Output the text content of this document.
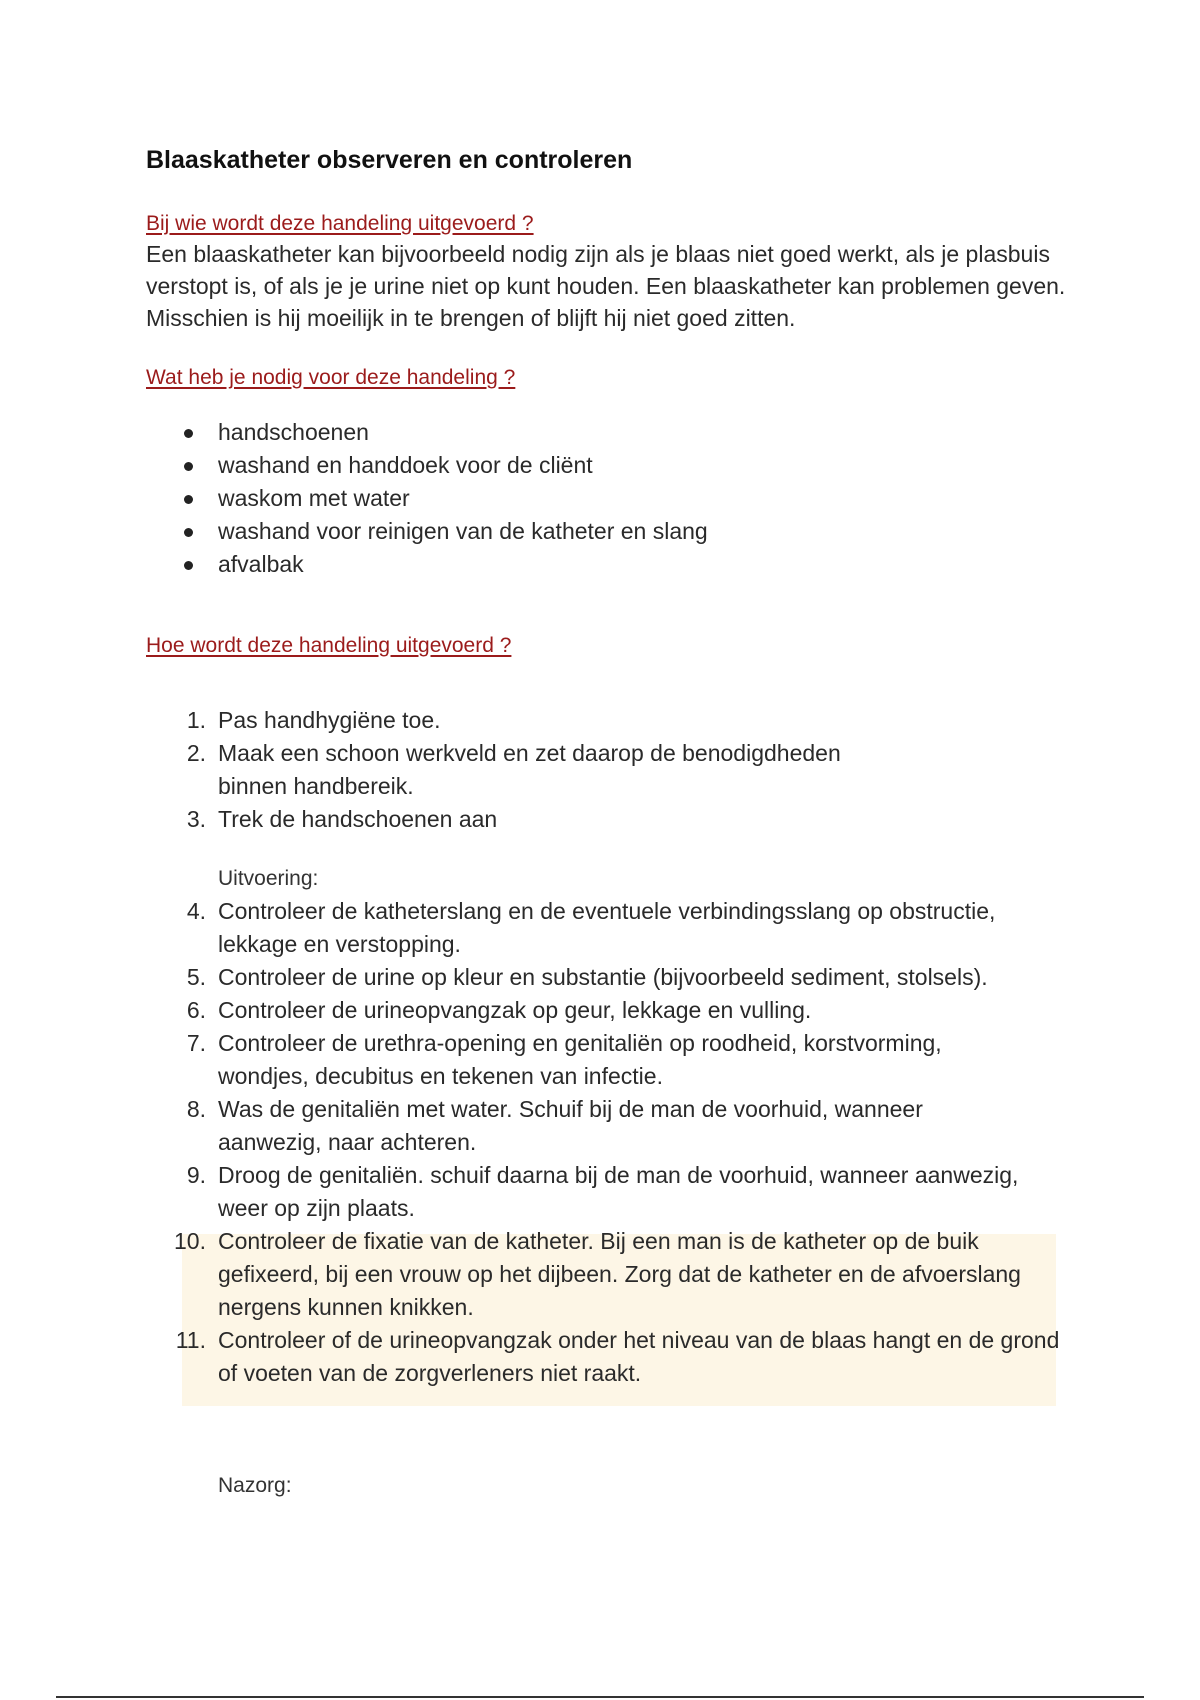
Blaaskatheter observeren en controleren
Bij wie wordt deze handeling uitgevoerd ?
Een blaaskatheter kan bijvoorbeeld nodig zijn als je blaas niet goed werkt, als je plasbuis verstopt is, of als je je urine niet op kunt houden. Een blaaskatheter kan problemen geven. Misschien is hij moeilijk in te brengen of blijft hij niet goed zitten.
Wat heb je nodig voor deze handeling ?
handschoenen
washand en handdoek voor de cliënt
waskom met water
washand voor reinigen van de katheter en slang
afvalbak
Hoe wordt deze handeling uitgevoerd ?
1. Pas handhygiëne toe.
2. Maak een schoon werkveld en zet daarop de benodigdheden binnen handbereik.
3. Trek de handschoenen aan
Uitvoering:
4. Controleer de katheterslang en de eventuele verbindingsslang op obstructie, lekkage en verstopping.
5. Controleer de urine op kleur en substantie (bijvoorbeeld sediment, stolsels).
6. Controleer de urineopvangzak op geur, lekkage en vulling.
7. Controleer de urethra-opening en genitaliën op roodheid, korstvorming, wondjes, decubitus en tekenen van infectie.
8. Was de genitaliën met water. Schuif bij de man de voorhuid, wanneer aanwezig, naar achteren.
9. Droog de genitaliën. schuif daarna bij de man de voorhuid, wanneer aanwezig, weer op zijn plaats.
10. Controleer de fixatie van de katheter. Bij een man is de katheter op de buik gefixeerd, bij een vrouw op het dijbeen. Zorg dat de katheter en de afvoerslang nergens kunnen knikken.
11. Controleer of de urineopvangzak onder het niveau van de blaas hangt en de grond of voeten van de zorgverleners niet raakt.
Nazorg:
